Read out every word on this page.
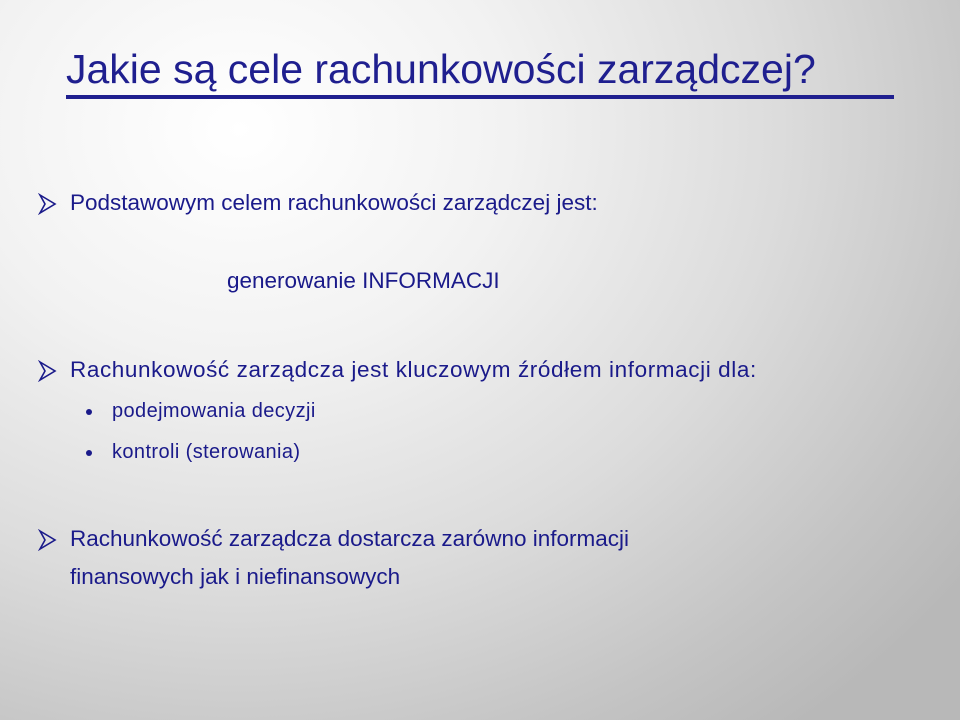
Jakie są cele rachunkowości zarządczej?
Podstawowym celem rachunkowości zarządczej jest:
generowanie INFORMACJI
Rachunkowość zarządcza jest kluczowym źródłem informacji dla:
podejmowania decyzji
kontroli (sterowania)
Rachunkowość zarządcza dostarcza zarówno informacji
finansowych jak i niefinansowych
